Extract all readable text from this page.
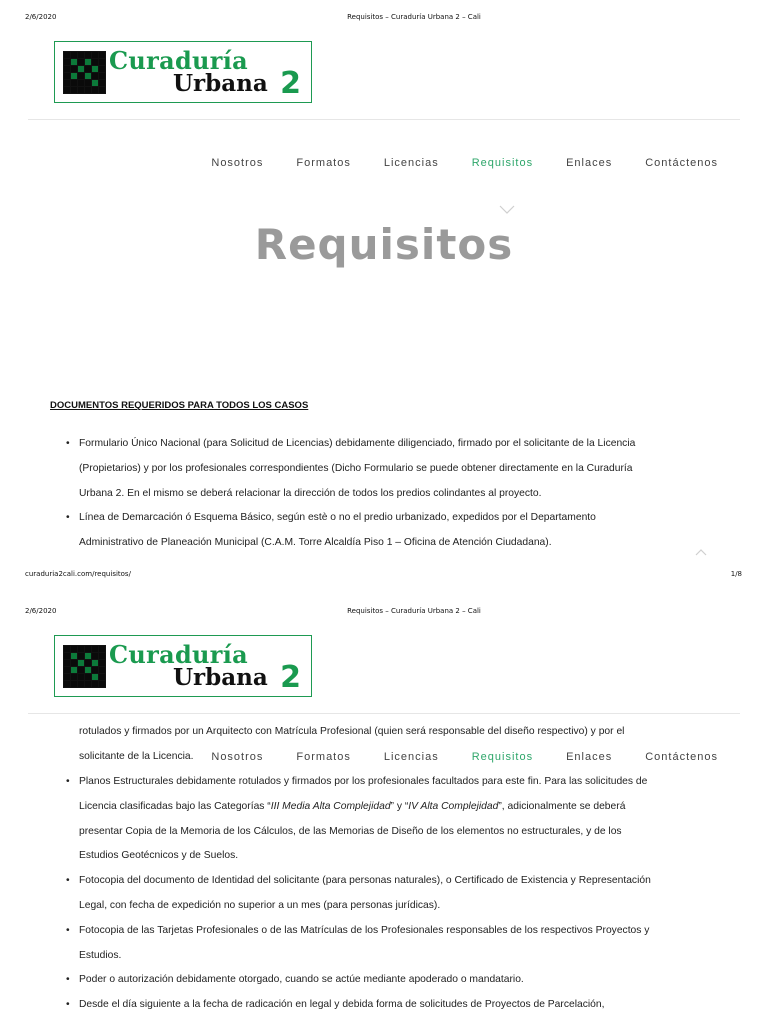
2/6/2020	Requisitos – Curaduría Urbana 2 – Cali
Curaduría
Urbana 2
Nosotros	Formatos	Licencias	Requisitos	Enlaces	Contáctenos
Requisitos
DOCUMENTOS REQUERIDOS PARA TODOS LOS CASOS
• Formulario Único Nacional (para Solicitud de Licencias) debidamente diligenciado, firmado por el solicitante de la Licencia
(Propietarios) y por los profesionales correspondientes (Dicho Formulario se puede obtener directamente en la Curaduría
Urbana 2. En el mismo se deberá relacionar la dirección de todos los predios colindantes al proyecto.
• Línea de Demarcación ó Esquema Básico, según estè o no el predio urbanizado, expedidos por el Departamento
Administrativo de Planeación Municipal (C.A.M. Torre Alcaldía Piso 1 – Oficina de Atención Ciudadana).
curaduria2cali.com/requisitos/	1/8
2/6/2020	Requisitos – Curaduría Urbana 2 – Cali
Curaduría
Urbana 2
rotulados y firmados por un Arquitecto con Matrícula Profesional (quien será responsable del diseño respectivo) y por el
solicitante de la Licencia.	Nosotros	Formatos	Licencias	Requisitos	Enlaces	Contáctenos
• Planos Estructurales debidamente rotulados y firmados por los profesionales facultados para este fin. Para las solicitudes de
Licencia clasificadas bajo las Categorías “III Media Alta Complejidad” y “IV Alta Complejidad”, adicionalmente se deberá
presentar Copia de la Memoria de los Cálculos, de las Memorias de Diseño de los elementos no estructurales, y de los
Estudios Geotécnicos y de Suelos.
• Fotocopia del documento de Identidad del solicitante (para personas naturales), o Certificado de Existencia y Representación
Legal, con fecha de expedición no superior a un mes (para personas jurídicas).
• Fotocopia de las Tarjetas Profesionales o de las Matrículas de los Profesionales responsables de los respectivos Proyectos y
Estudios.
• Poder o autorización debidamente otorgado, cuando se actúe mediante apoderado o mandatario.
• Desde el día siguiente a la fecha de radicación en legal y debida forma de solicitudes de Proyectos de Parcelación,
